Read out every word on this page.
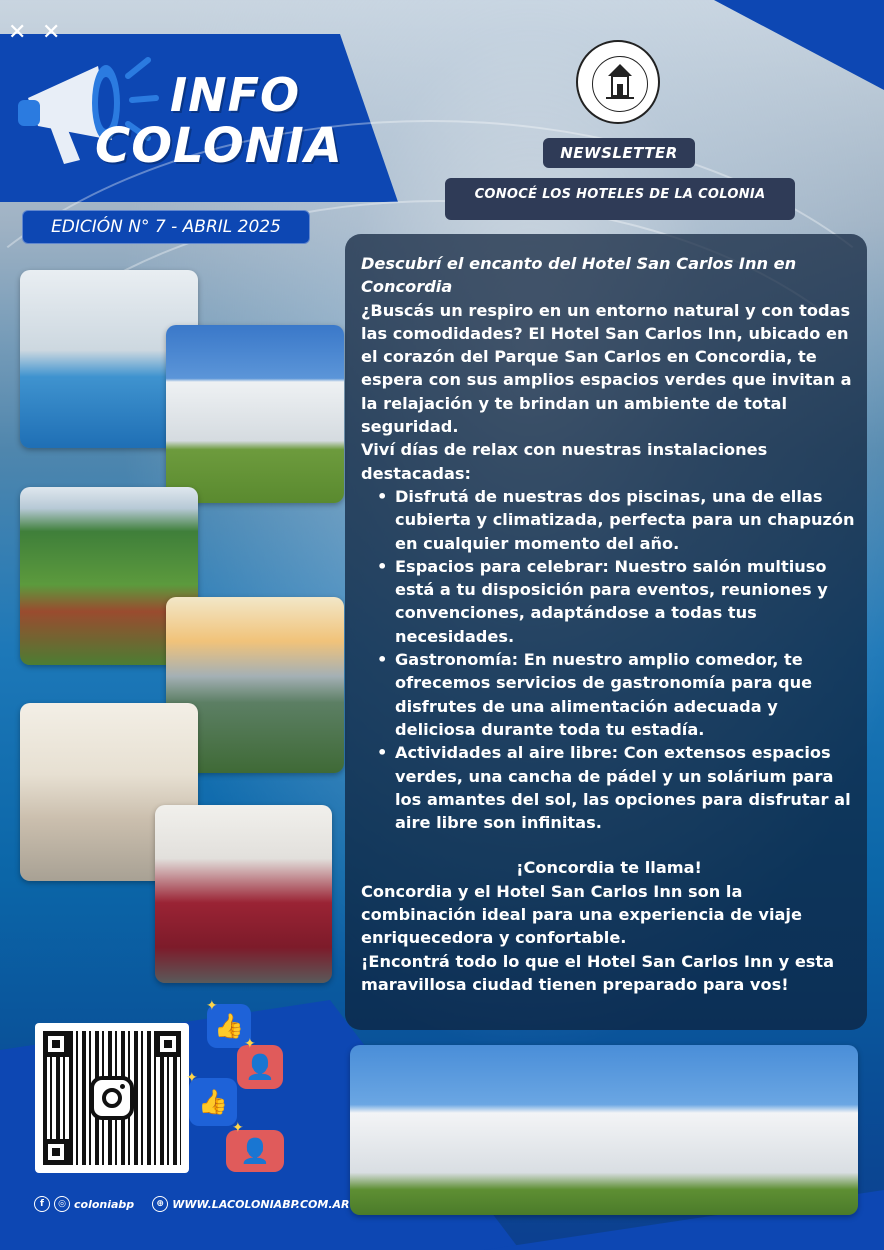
✕ ✕
INFO
COLONIA
EDICIÓN N° 7 - ABRIL 2025
NEWSLETTER
CONOCÉ LOS HOTELES DE LA COLONIA
Descubrí el encanto del Hotel San Carlos Inn en Concordia
¿Buscás un respiro en un entorno natural y con todas las comodidades? El Hotel San Carlos Inn, ubicado en el corazón del Parque San Carlos en Concordia, te espera con sus amplios espacios verdes que invitan a la relajación y te brindan un ambiente de total seguridad.
Viví días de relax con nuestras instalaciones destacadas:
• Disfrutá de nuestras dos piscinas, una de ellas cubierta y climatizada, perfecta para un chapuzón en cualquier momento del año.
• Espacios para celebrar: Nuestro salón multiuso está a tu disposición para eventos, reuniones y convenciones, adaptándose a todas tus necesidades.
• Gastronomía: En nuestro amplio comedor, te ofrecemos servicios de gastronomía para que disfrutes de una alimentación adecuada y deliciosa durante toda tu estadía.
• Actividades al aire libre: Con extensos espacios verdes, una cancha de pádel y un solárium para los amantes del sol, las opciones para disfrutar al aire libre son infinitas.
¡Concordia te llama!
Concordia y el Hotel San Carlos Inn son la combinación ideal para una experiencia de viaje enriquecedora y confortable.
¡Encontrá todo lo que el Hotel San Carlos Inn y esta maravillosa ciudad tienen preparado para vos!
👍
👤
👍
👤
✦
✦
✦
✦
f	◎ coloniabp	⊕ WWW.LACOLONIABP.COM.AR
